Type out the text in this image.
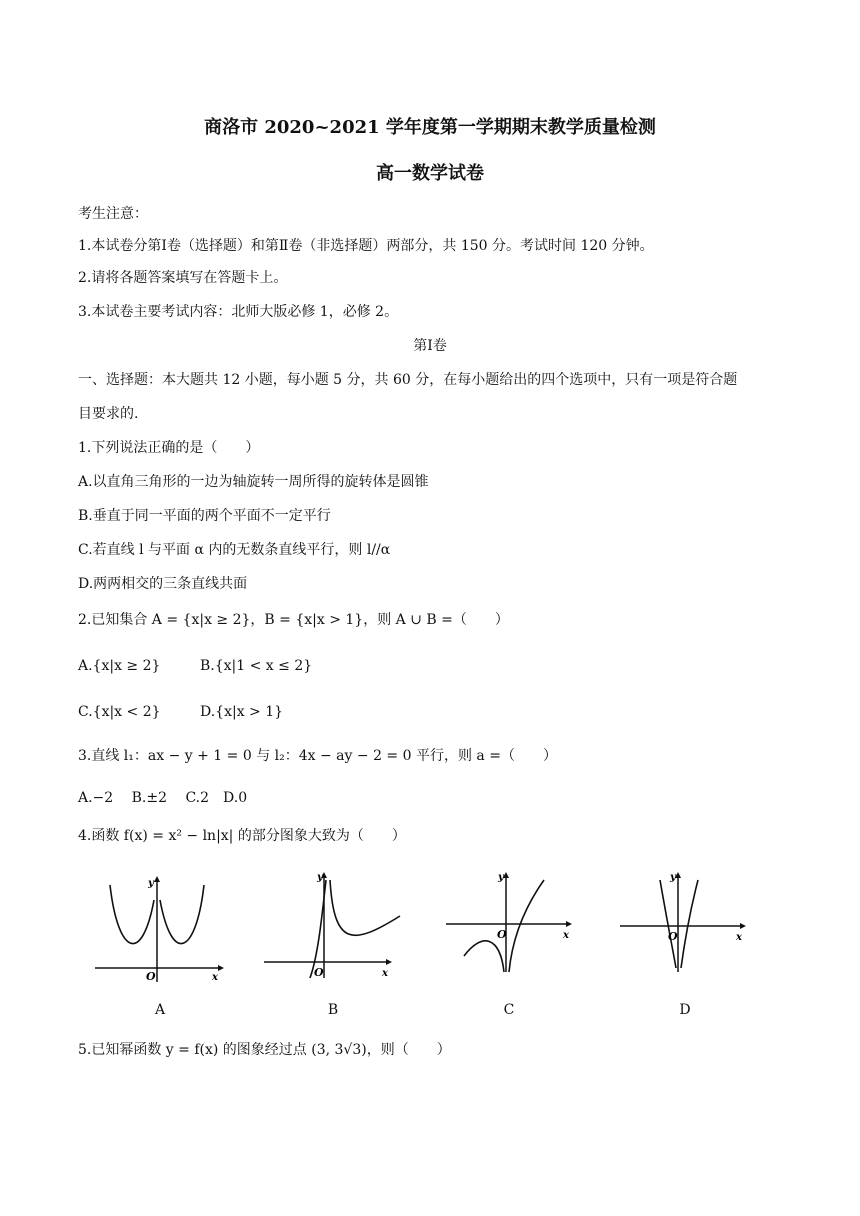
商洛市 2020~2021 学年度第一学期期末教学质量检测
高一数学试卷
考生注意：
1.本试卷分第Ⅰ卷（选择题）和第Ⅱ卷（非选择题）两部分，共 150 分。考试时间 120 分钟。
2.请将各题答案填写在答题卡上。
3.本试卷主要考试内容：北师大版必修 1，必修 2。
第Ⅰ卷
一、选择题：本大题共 12 小题，每小题 5 分，共 60 分，在每小题给出的四个选项中，只有一项是符合题
目要求的.
1.下列说法正确的是（　　）
A.以直角三角形的一边为轴旋转一周所得的旋转体是圆锥
B.垂直于同一平面的两个平面不一定平行
C.若直线 l 与平面 α 内的无数条直线平行，则 l//α
D.两两相交的三条直线共面
2.已知集合 A = {x|x ≥ 2}，B = {x|x > 1}，则 A ∪ B =（　　）
A.{x|x ≥ 2}	B.{x|1 < x ≤ 2}
C.{x|x < 2}	D.{x|x > 1}
3.直线 l₁：ax − y + 1 = 0 与 l₂：4x − ay − 2 = 0 平行，则 a =（　　）
A.−2　 B.±2　 C.2　D.0
4.函数 f(x) = x² − ln|x| 的部分图象大致为（　　）
y
O	x
A
y
O	x
B
y
O	x
C
y
O	x
D
5.已知幂函数 y = f(x) 的图象经过点 (3, 3√3)，则（　　）
